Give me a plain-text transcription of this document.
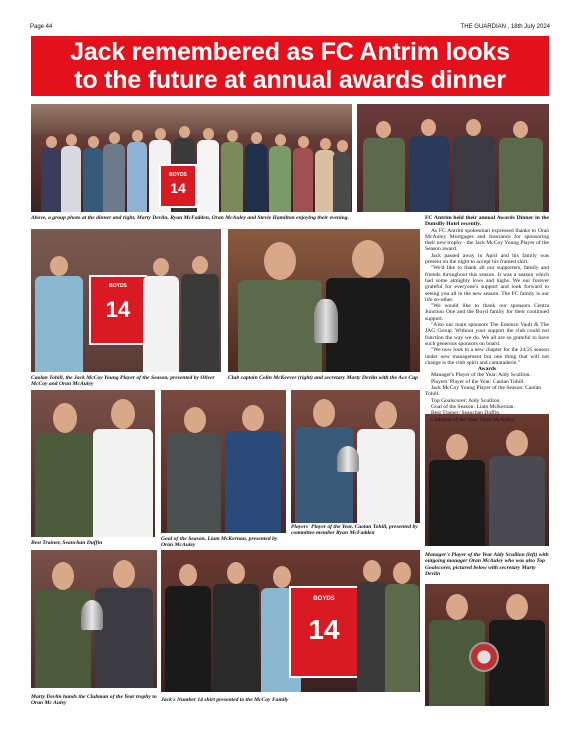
Page 44	THE GUARDIAN , 18th July 2024
Jack remembered as FC Antrim looks
to the future at annual awards dinner
BOYDS
14
Above, a group photo at the dinner and right, Marty Devlin, Ryan McFadden, Oran McAuley and Stevie Hamilton enjoying their evening.
BOYDS
14
Caolan Tohill, the Jack McCoy Young Player of the Season, presented by Oliver McCoy and Oran McAuley
Club captain Colin McKeever (right) and secretary Marty Devlin with the Ace Cup
Players' Player of the Year, Caolan Tohill, presented by committee member Ryan McFadden
Best Trainer, Seanchan Duffin
Goal of the Season, Liam McKernan, presented by Oran McAuley
Manager's Player of the Year Aidy Scullion (left) with outgoing manager Oran McAuley who was also Top Goalscorer, pictured below with secretary Marty Devlin
BOYDS
14
Marty Devlin hands the Clubman of the Year trophy to Oran Mc Auley
Jack's Number 14 shirt presented to the McCoy Family

FC Antrim held their annual Awards Dinner in the Dunsilly Hotel recently.

As FC Antrim spokesman expressed thanks to Oran McAuley Mortgages and Insurance for sponsoring their new trophy - the Jack McCoy Young Player of the Season award.

Jack passed away in April and his family was present on the night to accept his framed shirt.

"We'd like to thank all our supporters, family and friends throughout this season. It was a season which had some almighty lows and highs. We our forever grateful for everyone's support and look forward to seeing you all in the new season. The FC family is our life so-other.

"We would like to thank our sponsors Centra Junction One and the Boyd family for their continued support.

"Also our main sponsors The Essence Vault & The JAG Group. Without your support the club could not function the way we do. We all are so grateful to have such generous sponsors on board.

"We now look to a new chapter for the 24/25 season under new management but one thing that will not change is the club spirit and camaraderie."

Awards

Manager's Player of the Year: Aidy Scullion.

Players' Player of the Year: Caolan Tohill.

Jack McCoy Young Player of the Season: Caolan Tohill.

Top Goalscorer: Aidy Scullion.

Goal of the Season: Liam McKernan.

Best Trainer: Seanchan Duffin.

Clubman of the Year: Oran McAuley.
